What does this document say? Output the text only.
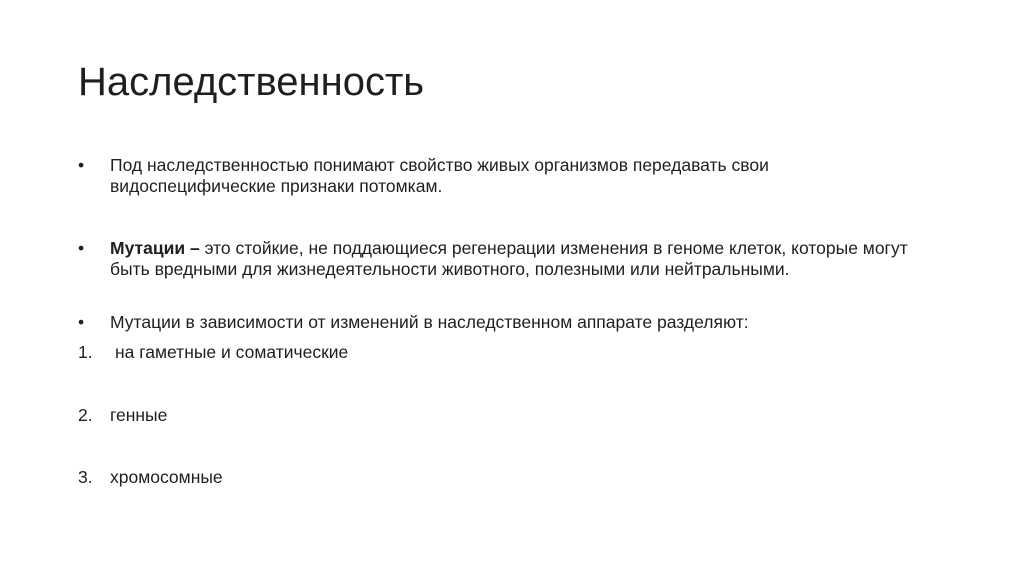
Наследственность
•	Под наследственностью понимают свойство живых организмов передавать свои видоспецифические признаки потомкам.
•	Мутации – это стойкие, не поддающиеся регенерации изменения в геноме клеток, которые могут быть вредными для жизнедеятельности животного, полезными или нейтральными.
•	Мутации в зависимости от изменений в наследственном аппарате разделяют:
1.	на гаметные и соматические
2. генные
3. хромосомные
